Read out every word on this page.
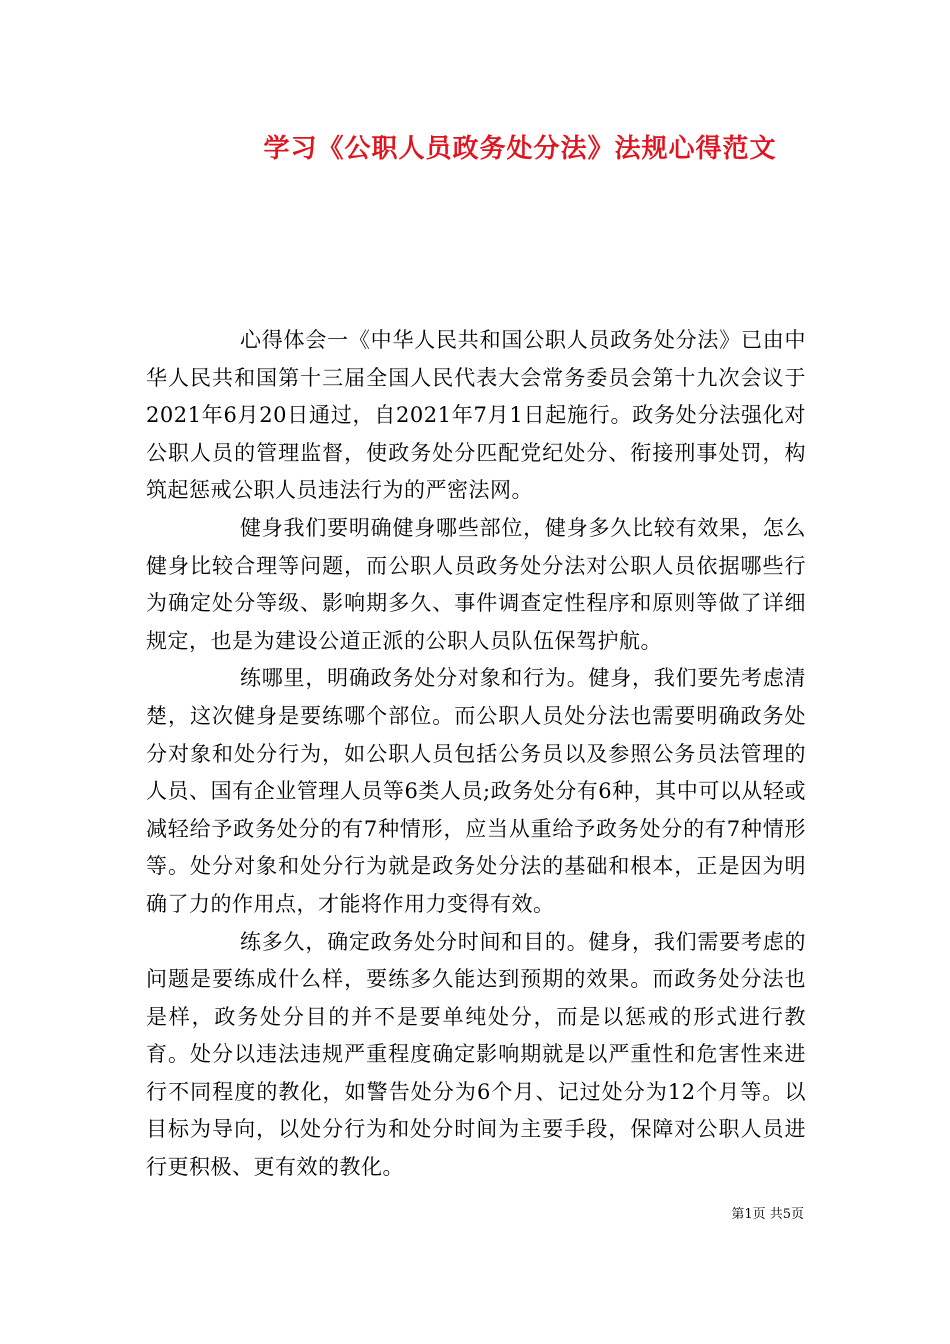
学习《公职人员政务处分法》法规心得范文

心得体会一《中华人民共和国公职人员政务处分法》已由中华人民共和国第十三届全国人民代表大会常务委员会第十九次会议于2021年6月20日通过，自2021年7月1日起施行。政务处分法强化对公职人员的管理监督，使政务处分匹配党纪处分、衔接刑事处罚，构筑起惩戒公职人员违法行为的严密法网。

健身我们要明确健身哪些部位，健身多久比较有效果，怎么健身比较合理等问题，而公职人员政务处分法对公职人员依据哪些行为确定处分等级、影响期多久、事件调查定性程序和原则等做了详细规定，也是为建设公道正派的公职人员队伍保驾护航。

练哪里，明确政务处分对象和行为。健身，我们要先考虑清楚，这次健身是要练哪个部位。而公职人员处分法也需要明确政务处分对象和处分行为，如公职人员包括公务员以及参照公务员法管理的人员、国有企业管理人员等6类人员;政务处分有6种，其中可以从轻或减轻给予政务处分的有7种情形，应当从重给予政务处分的有7种情形等。处分对象和处分行为就是政务处分法的基础和根本，正是因为明确了力的作用点，才能将作用力变得有效。

练多久，确定政务处分时间和目的。健身，我们需要考虑的问题是要练成什么样，要练多久能达到预期的效果。而政务处分法也是样，政务处分目的并不是要单纯处分，而是以惩戒的形式进行教育。处分以违法违规严重程度确定影响期就是以严重性和危害性来进行不同程度的教化，如警告处分为6个月、记过处分为12个月等。以目标为导向，以处分行为和处分时间为主要手段，保障对公职人员进行更积极、更有效的教化。

第1页 共5页
